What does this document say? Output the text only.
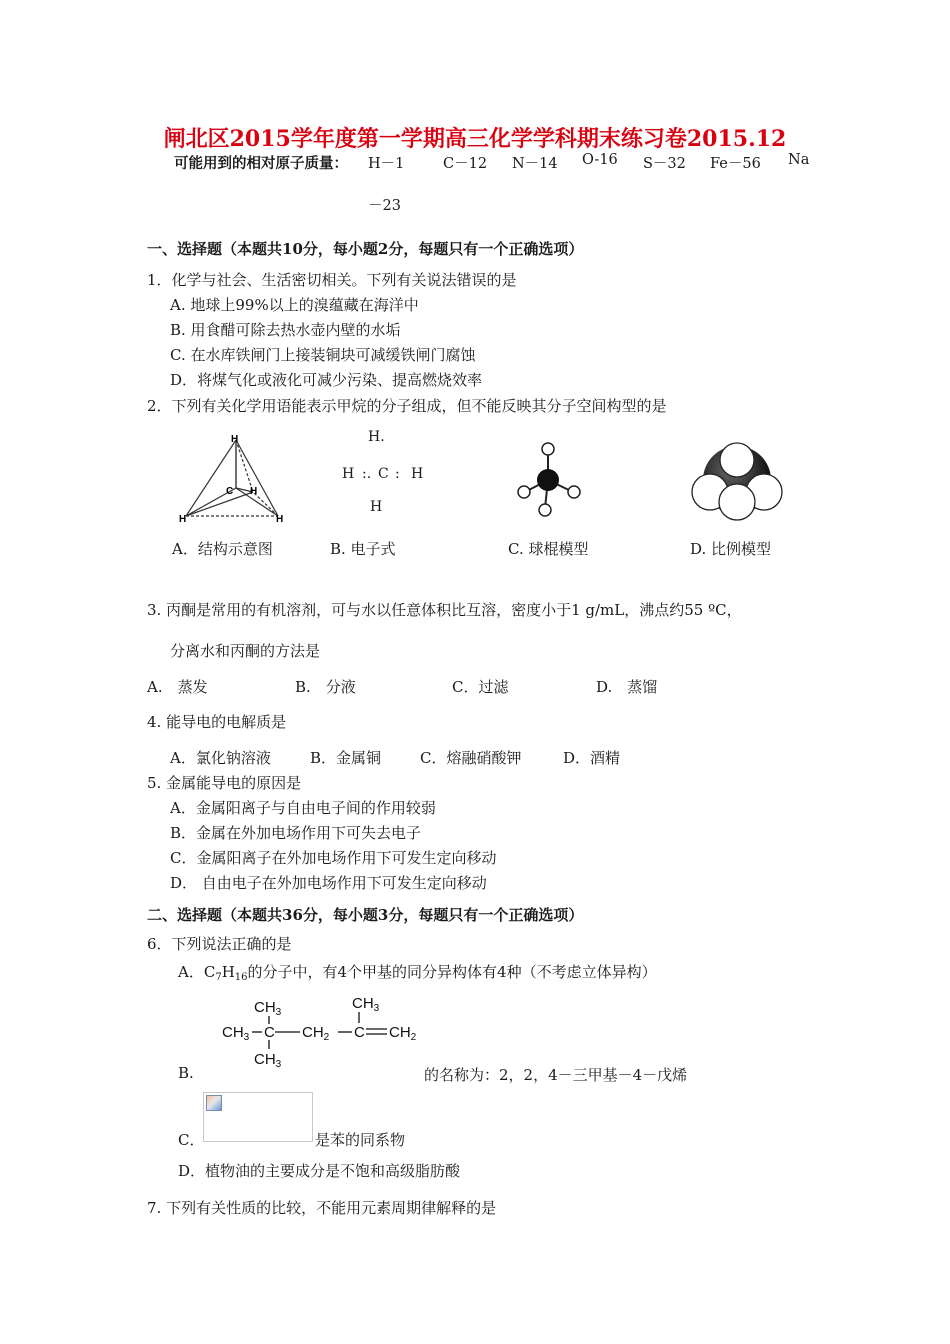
闸北区2015学年度第一学期高三化学学科期末练习卷2015.12
可能用到的相对原子质量： H－1	C－12 N－14 O-16 S－32 Fe－56 Na
－23
一、选择题（本题共10分，每小题2分，每题只有一个正确选项）
1．化学与社会、生活密切相关。下列有关说法错误的是
A. 地球上99%以上的溴蕴藏在海洋中
B. 用食醋可除去热水壶内壁的水垢
C. 在水库铁闸门上接装铜块可减缓铁闸门腐蚀
D．将煤气化或液化可减少污染、提高燃烧效率
2．下列有关化学用语能表示甲烷的分子组成，但不能反映其分子空间构型的是
H
C H
H	H
H.
H :. C : H
H
A．结构示意图	B. 电子式	C. 球棍模型	D. 比例模型
3. 丙酮是常用的有机溶剂，可与水以任意体积比互溶，密度小于1 g/mL，沸点约55 ºC，
分离水和丙酮的方法是
A.　蒸发	B.　分液	C．过滤	D.　蒸馏
4. 能导电的电解质是
A．氯化钠溶液	B．金属铜	C．熔融硝酸钾	D．酒精
5. 金属能导电的原因是
A．金属阳离子与自由电子间的作用较弱
B．金属在外加电场作用下可失去电子
C．金属阳离子在外加电场作用下可发生定向移动
D． 自由电子在外加电场作用下可发生定向移动
二、选择题（本题共36分，每小题3分，每题只有一个正确选项）
6．下列说法正确的是
A．$C_7H_{16}$的分子中，有4个甲基的同分异构体有4种（不考虑立体异构）
$CH_3$
$CH_3$ C $CH_2$ C $CH_2$
$CH_3$
$CH_3$
B.	的名称为：2，2，4－三甲基－4－戊烯
C．	是苯的同系物
D．植物油的主要成分是不饱和高级脂肪酸
7. 下列有关性质的比较，不能用元素周期律解释的是
